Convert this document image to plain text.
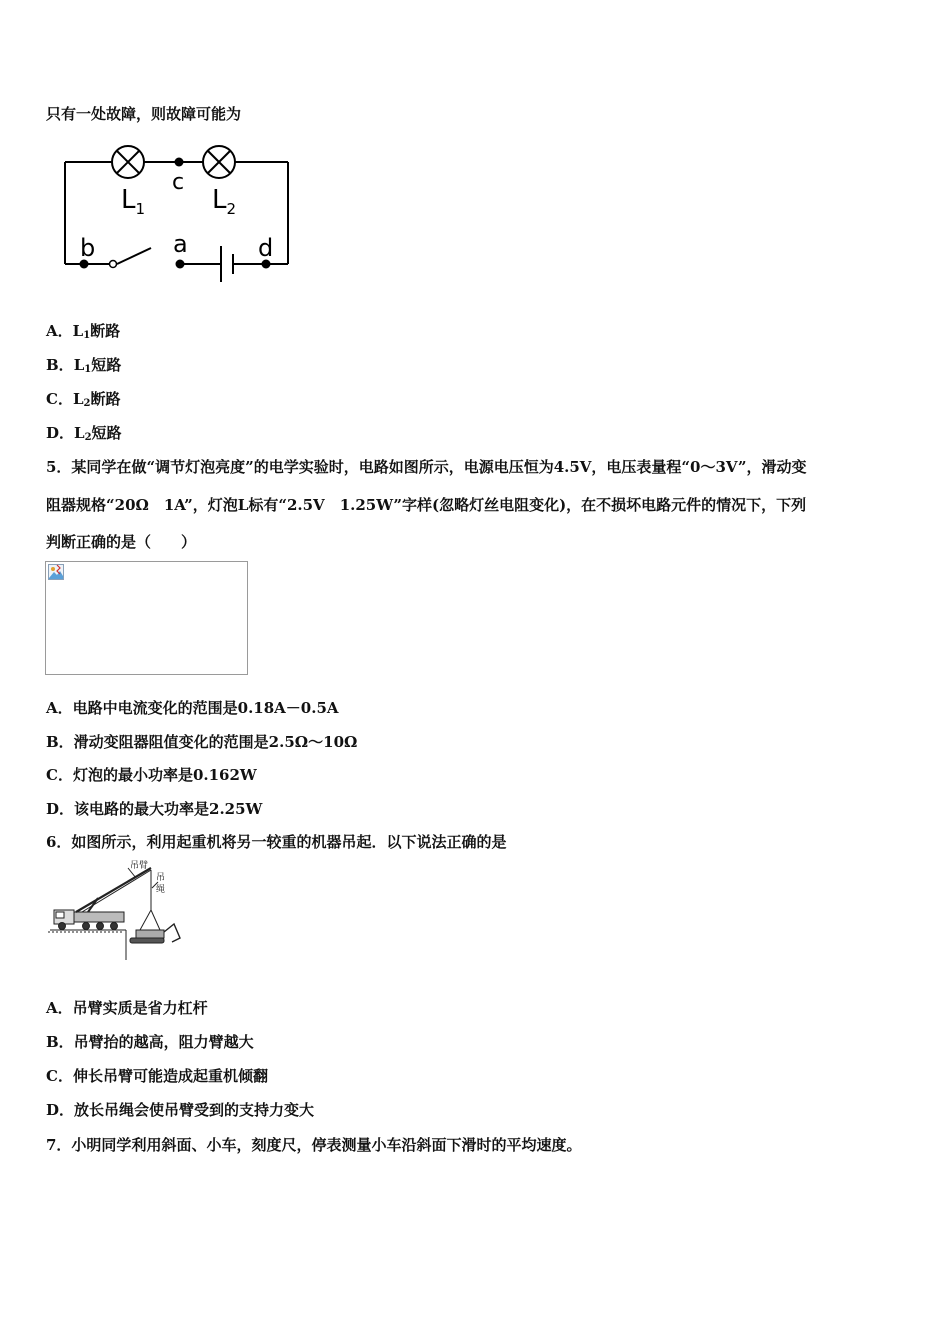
只有一处故障，则故障可能为
c
$L_1$	$L_2$
b	a	d
A．$L_1$断路
B．$L_1$短路
C．$L_2$断路
D．$L_2$短路
5．某同学在做“调节灯泡亮度”的电学实验时，电路如图所示，电源电压恒为4.5V，电压表量程“0～3V”，滑动变
阻器规格“20Ω　1A”，灯泡L标有“2.5V　1.25W”字样(忽略灯丝电阻变化)，在不损坏电路元件的情况下，下列
判断正确的是（　　）
A．电路中电流变化的范围是0.18A－0.5A
B．滑动变阻器阻值变化的范围是2.5Ω～10Ω
C．灯泡的最小功率是0.162W
D．该电路的最大功率是2.25W
6．如图所示，利用起重机将另一较重的机器吊起．以下说法正确的是
吊臂
吊
绳
A．吊臂实质是省力杠杆
B．吊臂抬的越高，阻力臂越大
C．伸长吊臂可能造成起重机倾翻
D．放长吊绳会使吊臂受到的支持力变大
7．小明同学利用斜面、小车，刻度尺，停表测量小车沿斜面下滑时的平均速度。
